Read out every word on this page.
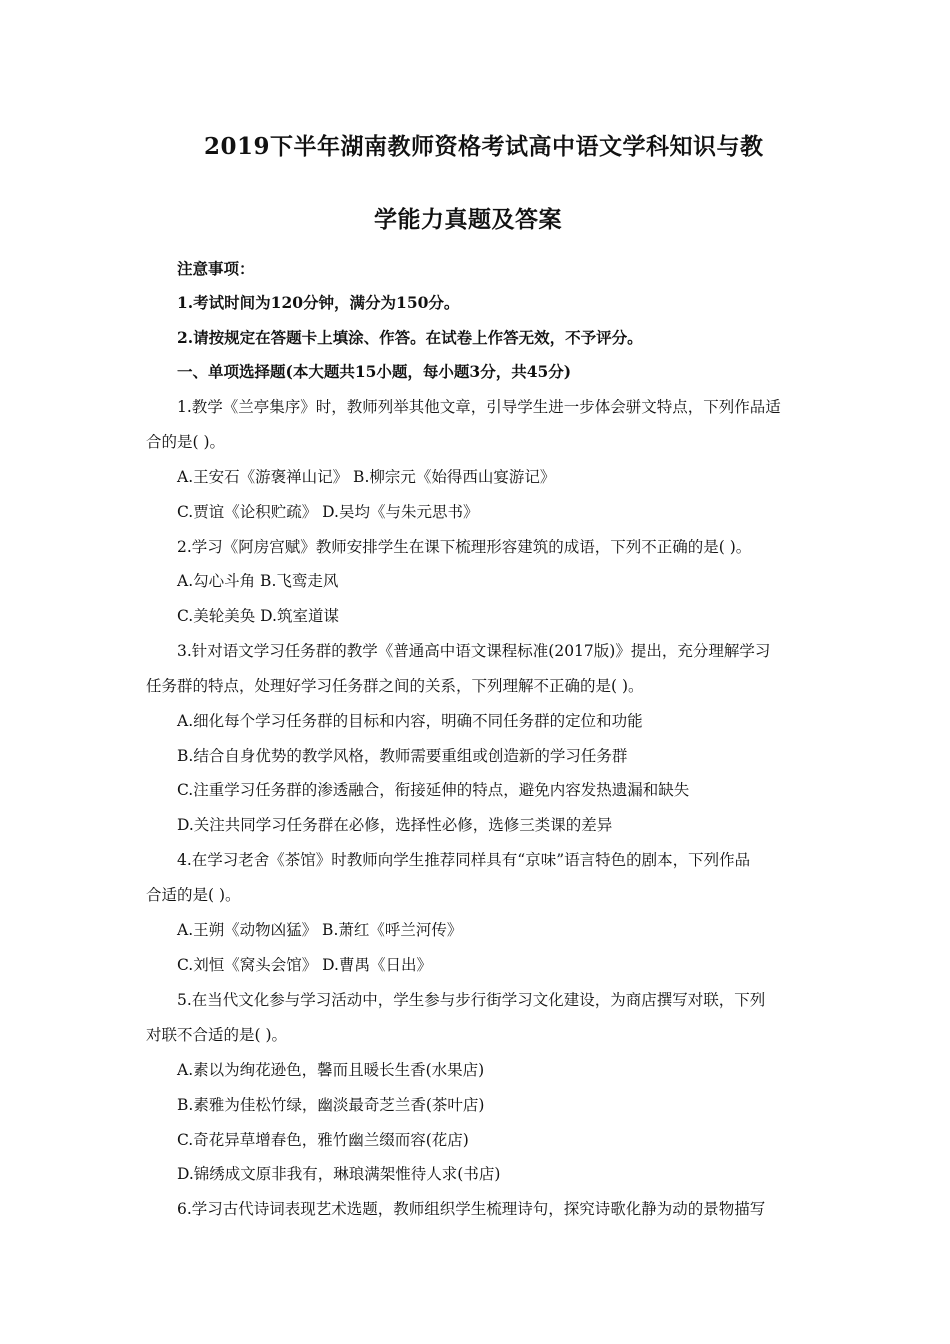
2019下半年湖南教师资格考试高中语文学科知识与教
学能力真题及答案
注意事项：
1.考试时间为120分钟，满分为150分。
2.请按规定在答题卡上填涂、作答。在试卷上作答无效，不予评分。
一、单项选择题(本大题共15小题，每小题3分，共45分)
1.教学《兰亭集序》时，教师列举其他文章，引导学生进一步体会骈文特点，下列作品适
合的是( )。
A.王安石《游褒禅山记》 B.柳宗元《始得西山宴游记》
C.贾谊《论积贮疏》 D.吴均《与朱元思书》
2.学习《阿房宫赋》教师安排学生在课下梳理形容建筑的成语，下列不正确的是( )。
A.勾心斗角 B.飞鸾走风
C.美轮美奂 D.筑室道谋
3.针对语文学习任务群的教学《普通高中语文课程标准(2017版)》提出，充分理解学习
任务群的特点，处理好学习任务群之间的关系，下列理解不正确的是( )。
A.细化每个学习任务群的目标和内容，明确不同任务群的定位和功能
B.结合自身优势的教学风格，教师需要重组或创造新的学习任务群
C.注重学习任务群的渗透融合，衔接延伸的特点，避免内容发热遗漏和缺失
D.关注共同学习任务群在必修，选择性必修，选修三类课的差异
4.在学习老舍《茶馆》时教师向学生推荐同样具有“京味”语言特色的剧本，下列作品
合适的是( )。
A.王朔《动物凶猛》 B.萧红《呼兰河传》
C.刘恒《窝头会馆》 D.曹禺《日出》
5.在当代文化参与学习活动中，学生参与步行街学习文化建设，为商店撰写对联，下列
对联不合适的是( )。
A.素以为绚花逊色，馨而且暖长生香(水果店)
B.素雅为佳松竹绿，幽淡最奇芝兰香(茶叶店)
C.奇花异草增春色，雅竹幽兰缀而容(花店)
D.锦绣成文原非我有，琳琅满架惟待人求(书店)
6.学习古代诗词表现艺术选题，教师组织学生梳理诗句，探究诗歌化静为动的景物描写
